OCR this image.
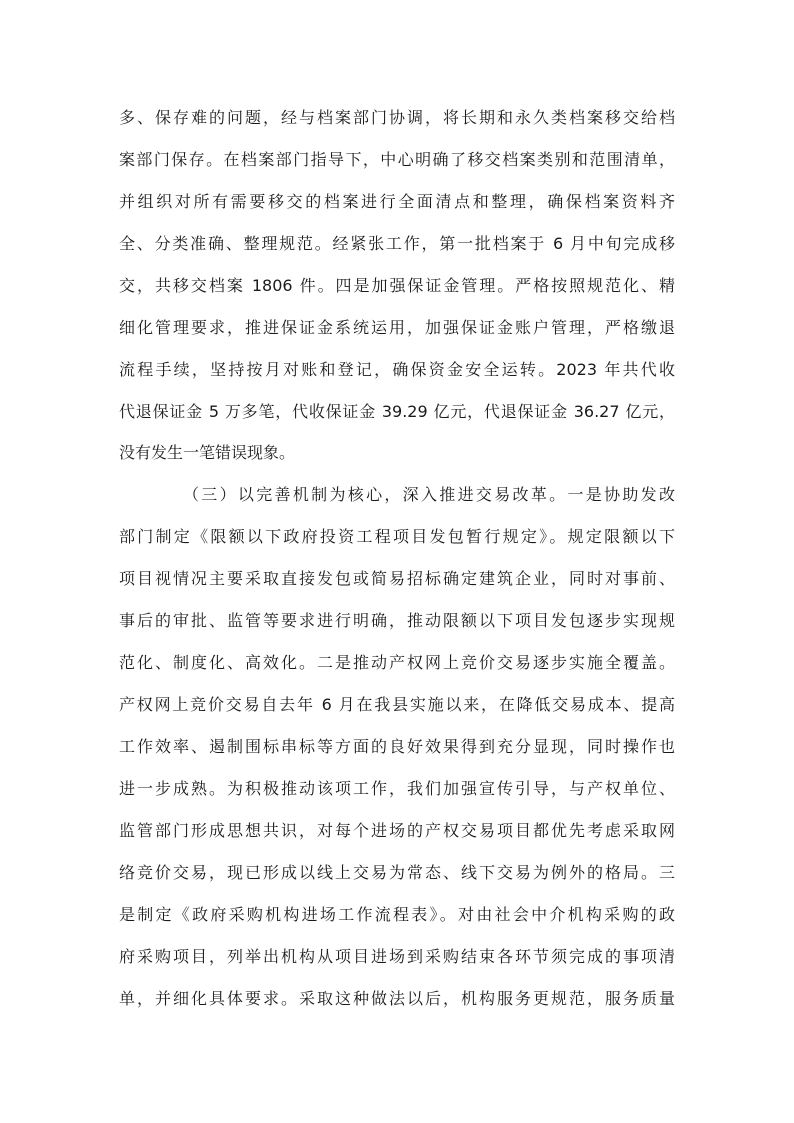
多、保存难的问题，经与档案部门协调，将长期和永久类档案移交给档
案部门保存。在档案部门指导下，中心明确了移交档案类别和范围清单，
并组织对所有需要移交的档案进行全面清点和整理，确保档案资料齐
全、分类准确、整理规范。经紧张工作，第一批档案于 6 月中旬完成移
交，共移交档案 1806 件。四是加强保证金管理。严格按照规范化、精
细化管理要求，推进保证金系统运用，加强保证金账户管理，严格缴退
流程手续，坚持按月对账和登记，确保资金安全运转。2023 年共代收
代退保证金 5 万多笔，代收保证金 39.29 亿元，代退保证金 36.27 亿元，
没有发生一笔错误现象。
（三）以完善机制为核心，深入推进交易改革。一是协助发改
部门制定《限额以下政府投资工程项目发包暂行规定》。规定限额以下
项目视情况主要采取直接发包或简易招标确定建筑企业，同时对事前、
事后的审批、监管等要求进行明确，推动限额以下项目发包逐步实现规
范化、制度化、高效化。二是推动产权网上竞价交易逐步实施全覆盖。
产权网上竞价交易自去年 6 月在我县实施以来，在降低交易成本、提高
工作效率、遏制围标串标等方面的良好效果得到充分显现，同时操作也
进一步成熟。为积极推动该项工作，我们加强宣传引导，与产权单位、
监管部门形成思想共识，对每个进场的产权交易项目都优先考虑采取网
络竞价交易，现已形成以线上交易为常态、线下交易为例外的格局。三
是制定《政府采购机构进场工作流程表》。对由社会中介机构采购的政
府采购项目，列举出机构从项目进场到采购结束各环节须完成的事项清
单，并细化具体要求。采取这种做法以后，机构服务更规范，服务质量
